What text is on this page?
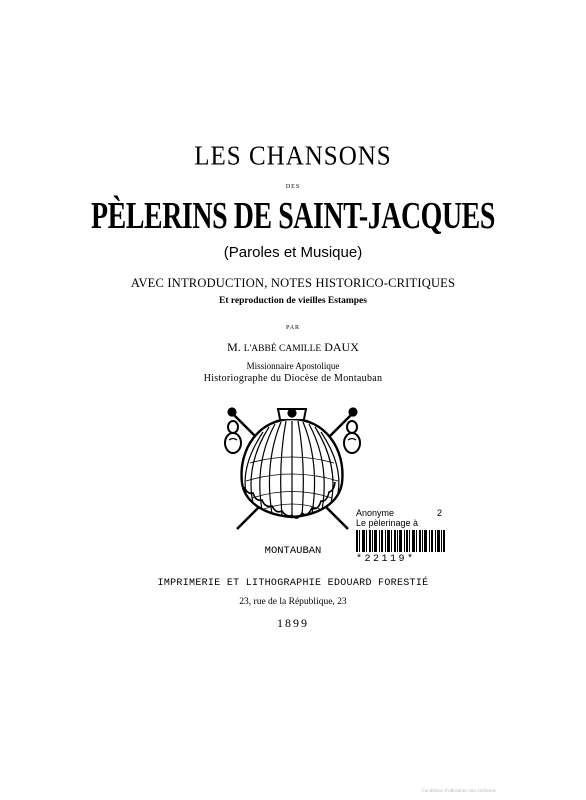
LES CHANSONS
DES
PÈLERINS DE SAINT-JACQUES
(Paroles et Musique)
AVEC INTRODUCTION, NOTES HISTORICO-CRITIQUES
Et reproduction de vieilles Estampes
PAR
M. L'ABBÉ CAMILLE DAUX
Missionnaire Apostolique
Historiographe du Diocèse de Montauban
Anonyme	2
Le pèlerinage à
*22119*
MONTAUBAN
IMPRIMERIE ET LITHOGRAPHIE EDOUARD FORESTIÉ
23, rue de la République, 23
1899
Conditions d'utilisation des contenus
